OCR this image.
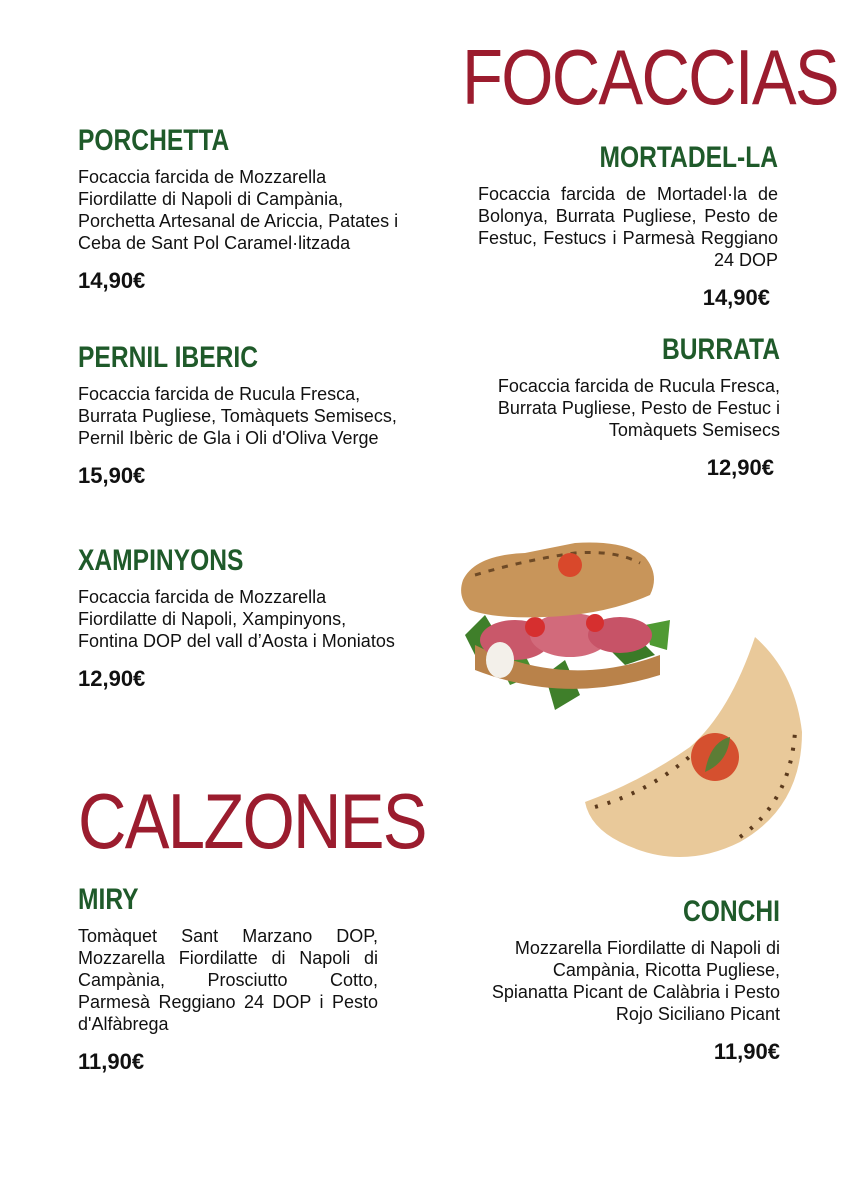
FOCACCIAS
PORCHETTA

Focaccia farcida de Mozzarella Fiordilatte di Napoli di Campània, Porchetta Artesanal de Ariccia, Patates i Ceba de Sant Pol Caramel·litzada

14,90€

MORTADEL-LA

Focaccia farcida de Mortadel·la de Bolonya, Burrata Pugliese, Pesto de Festuc, Festucs i Parmesà Reggiano 24 DOP

14,90€

PERNIL IBERIC

Focaccia farcida de Rucula Fresca, Burrata Pugliese, Tomàquets Semisecs, Pernil Ibèric de Gla i Oli d'Oliva Verge

15,90€

BURRATA

Focaccia farcida de Rucula Fresca, Burrata Pugliese, Pesto de Festuc i Tomàquets Semisecs

12,90€

XAMPINYONS

Focaccia farcida de Mozzarella Fiordilatte di Napoli, Xampinyons, Fontina DOP del vall d’Aosta i Moniatos

12,90€

CALZONES
MIRY

Tomàquet Sant Marzano DOP, Mozzarella Fiordilatte di Napoli di Campània, Prosciutto Cotto, Parmesà Reggiano 24 DOP i Pesto d'Alfàbrega

11,90€

CONCHI

Mozzarella Fiordilatte di Napoli di Campània, Ricotta Pugliese, Spianatta Picant de Calàbria i Pesto Rojo Siciliano Picant

11,90€
